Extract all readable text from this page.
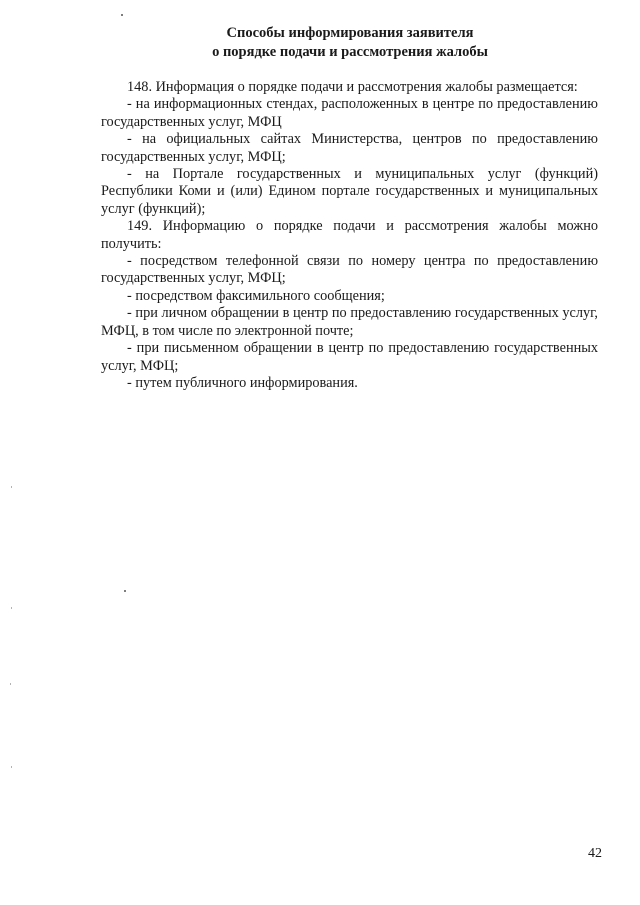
Способы информирования заявителя
о порядке подачи и рассмотрения жалобы

148. Информация о порядке подачи и рассмотрения жалобы размещается:

- на информационных стендах, расположенных в центре по предоставлению государственных услуг, МФЦ

- на официальных сайтах Министерства, центров по предоставлению государственных услуг, МФЦ;

- на Портале государственных и муниципальных услуг (функций) Республики Коми и (или) Едином портале государственных и муниципальных услуг (функций);

149. Информацию о порядке подачи и рассмотрения жалобы можно получить:

- посредством телефонной связи по номеру центра по предоставлению государственных услуг, МФЦ;

- посредством факсимильного сообщения;

- при личном обращении в центр по предоставлению государственных услуг, МФЦ, в том числе по электронной почте;

- при письменном обращении в центр по предоставлению государственных услуг, МФЦ;

- путем публичного информирования.

42
